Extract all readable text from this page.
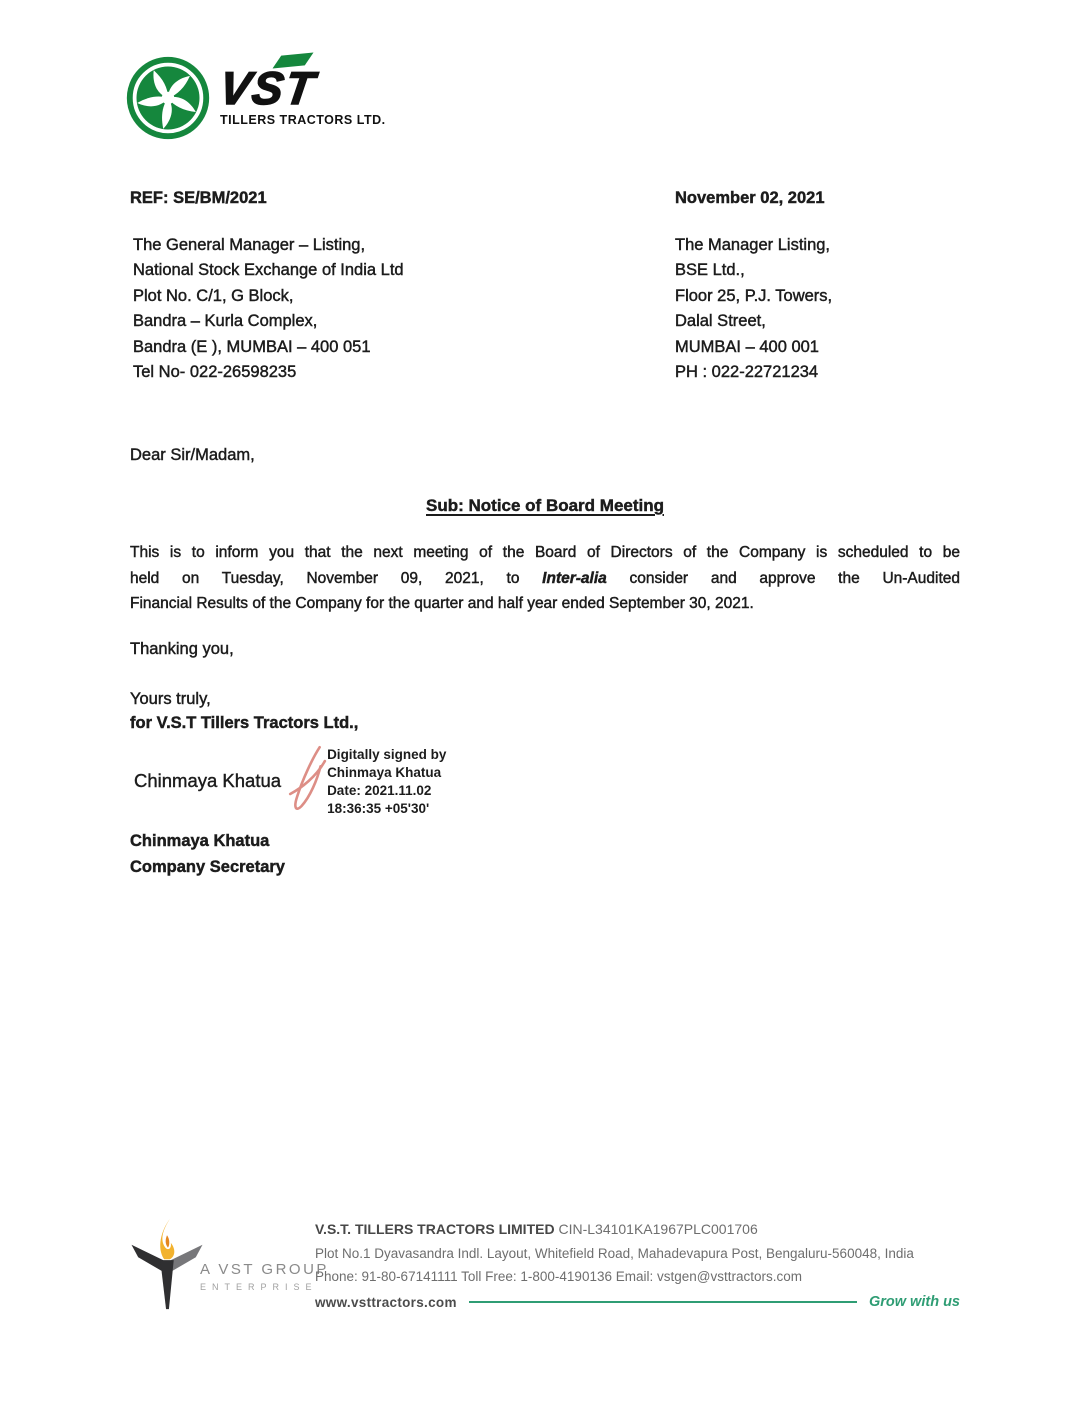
VST
TILLERS TRACTORS LTD.
REF: SE/BM/2021	November 02, 2021
The General Manager – Listing,
National Stock Exchange of India Ltd
Plot No. C/1, G Block,
Bandra – Kurla Complex,
Bandra (E ), MUMBAI – 400 051
Tel No- 022-26598235
The Manager Listing,
BSE Ltd.,
Floor 25, P.J. Towers,
Dalal Street,
MUMBAI – 400 001
PH : 022-22721234
Dear Sir/Madam,
Sub: Notice of Board Meeting
This is to inform you that the next meeting of the Board of Directors of the Company is scheduled to be
held on Tuesday, November 09, 2021, to Inter-alia consider and approve the Un-Audited
Financial Results of the Company for the quarter and half year ended September 30, 2021.
Thanking you,
Yours truly,
for V.S.T Tillers Tractors Ltd.,
Chinmaya Khatua
Digitally signed by
Chinmaya Khatua
Date: 2021.11.02
18:36:35 +05'30'
Chinmaya Khatua
Company Secretary
A VST GROUP
ENTERPRISE
V.S.T. TILLERS TRACTORS LIMITED CIN-L34101KA1967PLC001706
Plot No.1 Dyavasandra Indl. Layout, Whitefield Road, Mahadevapura Post, Bengaluru-560048, India
Phone: 91-80-67141111 Toll Free: 1-800-4190136 Email: vstgen@vsttractors.com
www.vsttractors.com	Grow with us
